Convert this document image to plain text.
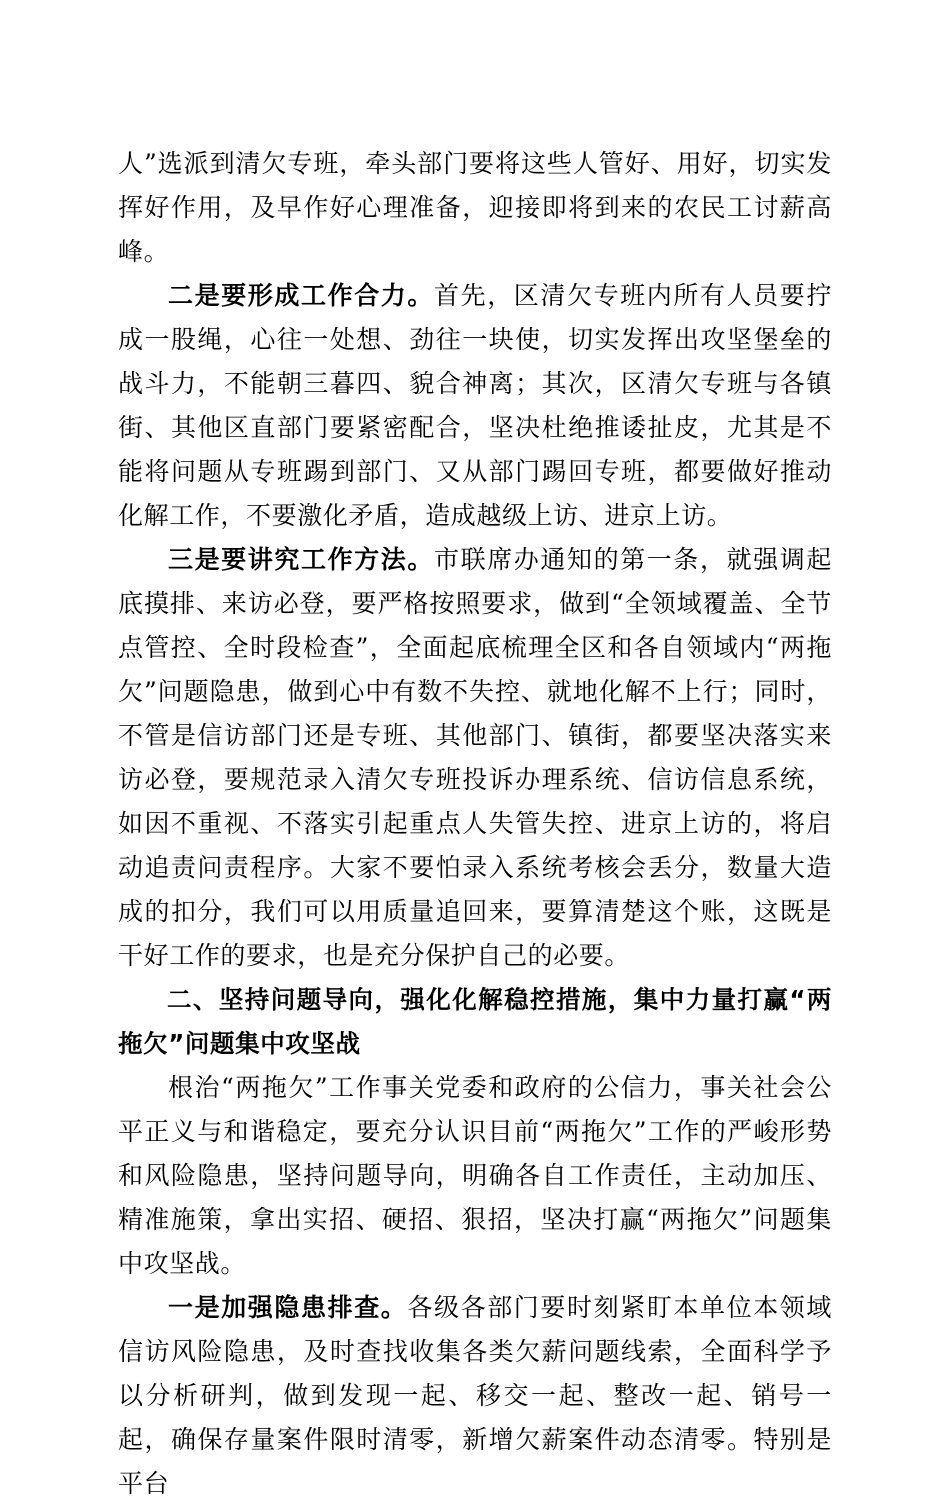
人”选派到清欠专班，牵头部门要将这些人管好、用好，切实发挥好作用，及早作好心理准备，迎接即将到来的农民工讨薪高峰。

二是要形成工作合力。首先，区清欠专班内所有人员要拧成一股绳，心往一处想、劲往一块使，切实发挥出攻坚堡垒的战斗力，不能朝三暮四、貌合神离；其次，区清欠专班与各镇街、其他区直部门要紧密配合，坚决杜绝推诿扯皮，尤其是不能将问题从专班踢到部门、又从部门踢回专班，都要做好推动化解工作，不要激化矛盾，造成越级上访、进京上访。

三是要讲究工作方法。市联席办通知的第一条，就强调起底摸排、来访必登，要严格按照要求，做到“全领域覆盖、全节点管控、全时段检查”，全面起底梳理全区和各自领域内“两拖欠”问题隐患，做到心中有数不失控、就地化解不上行；同时，不管是信访部门还是专班、其他部门、镇街，都要坚决落实来访必登，要规范录入清欠专班投诉办理系统、信访信息系统，如因不重视、不落实引起重点人失管失控、进京上访的，将启动追责问责程序。大家不要怕录入系统考核会丢分，数量大造成的扣分，我们可以用质量追回来，要算清楚这个账，这既是干好工作的要求，也是充分保护自己的必要。

二、坚持问题导向，强化化解稳控措施，集中力量打赢“两拖欠”问题集中攻坚战

根治“两拖欠”工作事关党委和政府的公信力，事关社会公平正义与和谐稳定，要充分认识目前“两拖欠”工作的严峻形势和风险隐患，坚持问题导向，明确各自工作责任，主动加压、精准施策，拿出实招、硬招、狠招，坚决打赢“两拖欠”问题集中攻坚战。

一是加强隐患排查。各级各部门要时刻紧盯本单位本领域信访风险隐患，及时查找收集各类欠薪问题线索，全面科学予以分析研判，做到发现一起、移交一起、整改一起、销号一起，确保存量案件限时清零，新增欠薪案件动态清零。特别是平台
